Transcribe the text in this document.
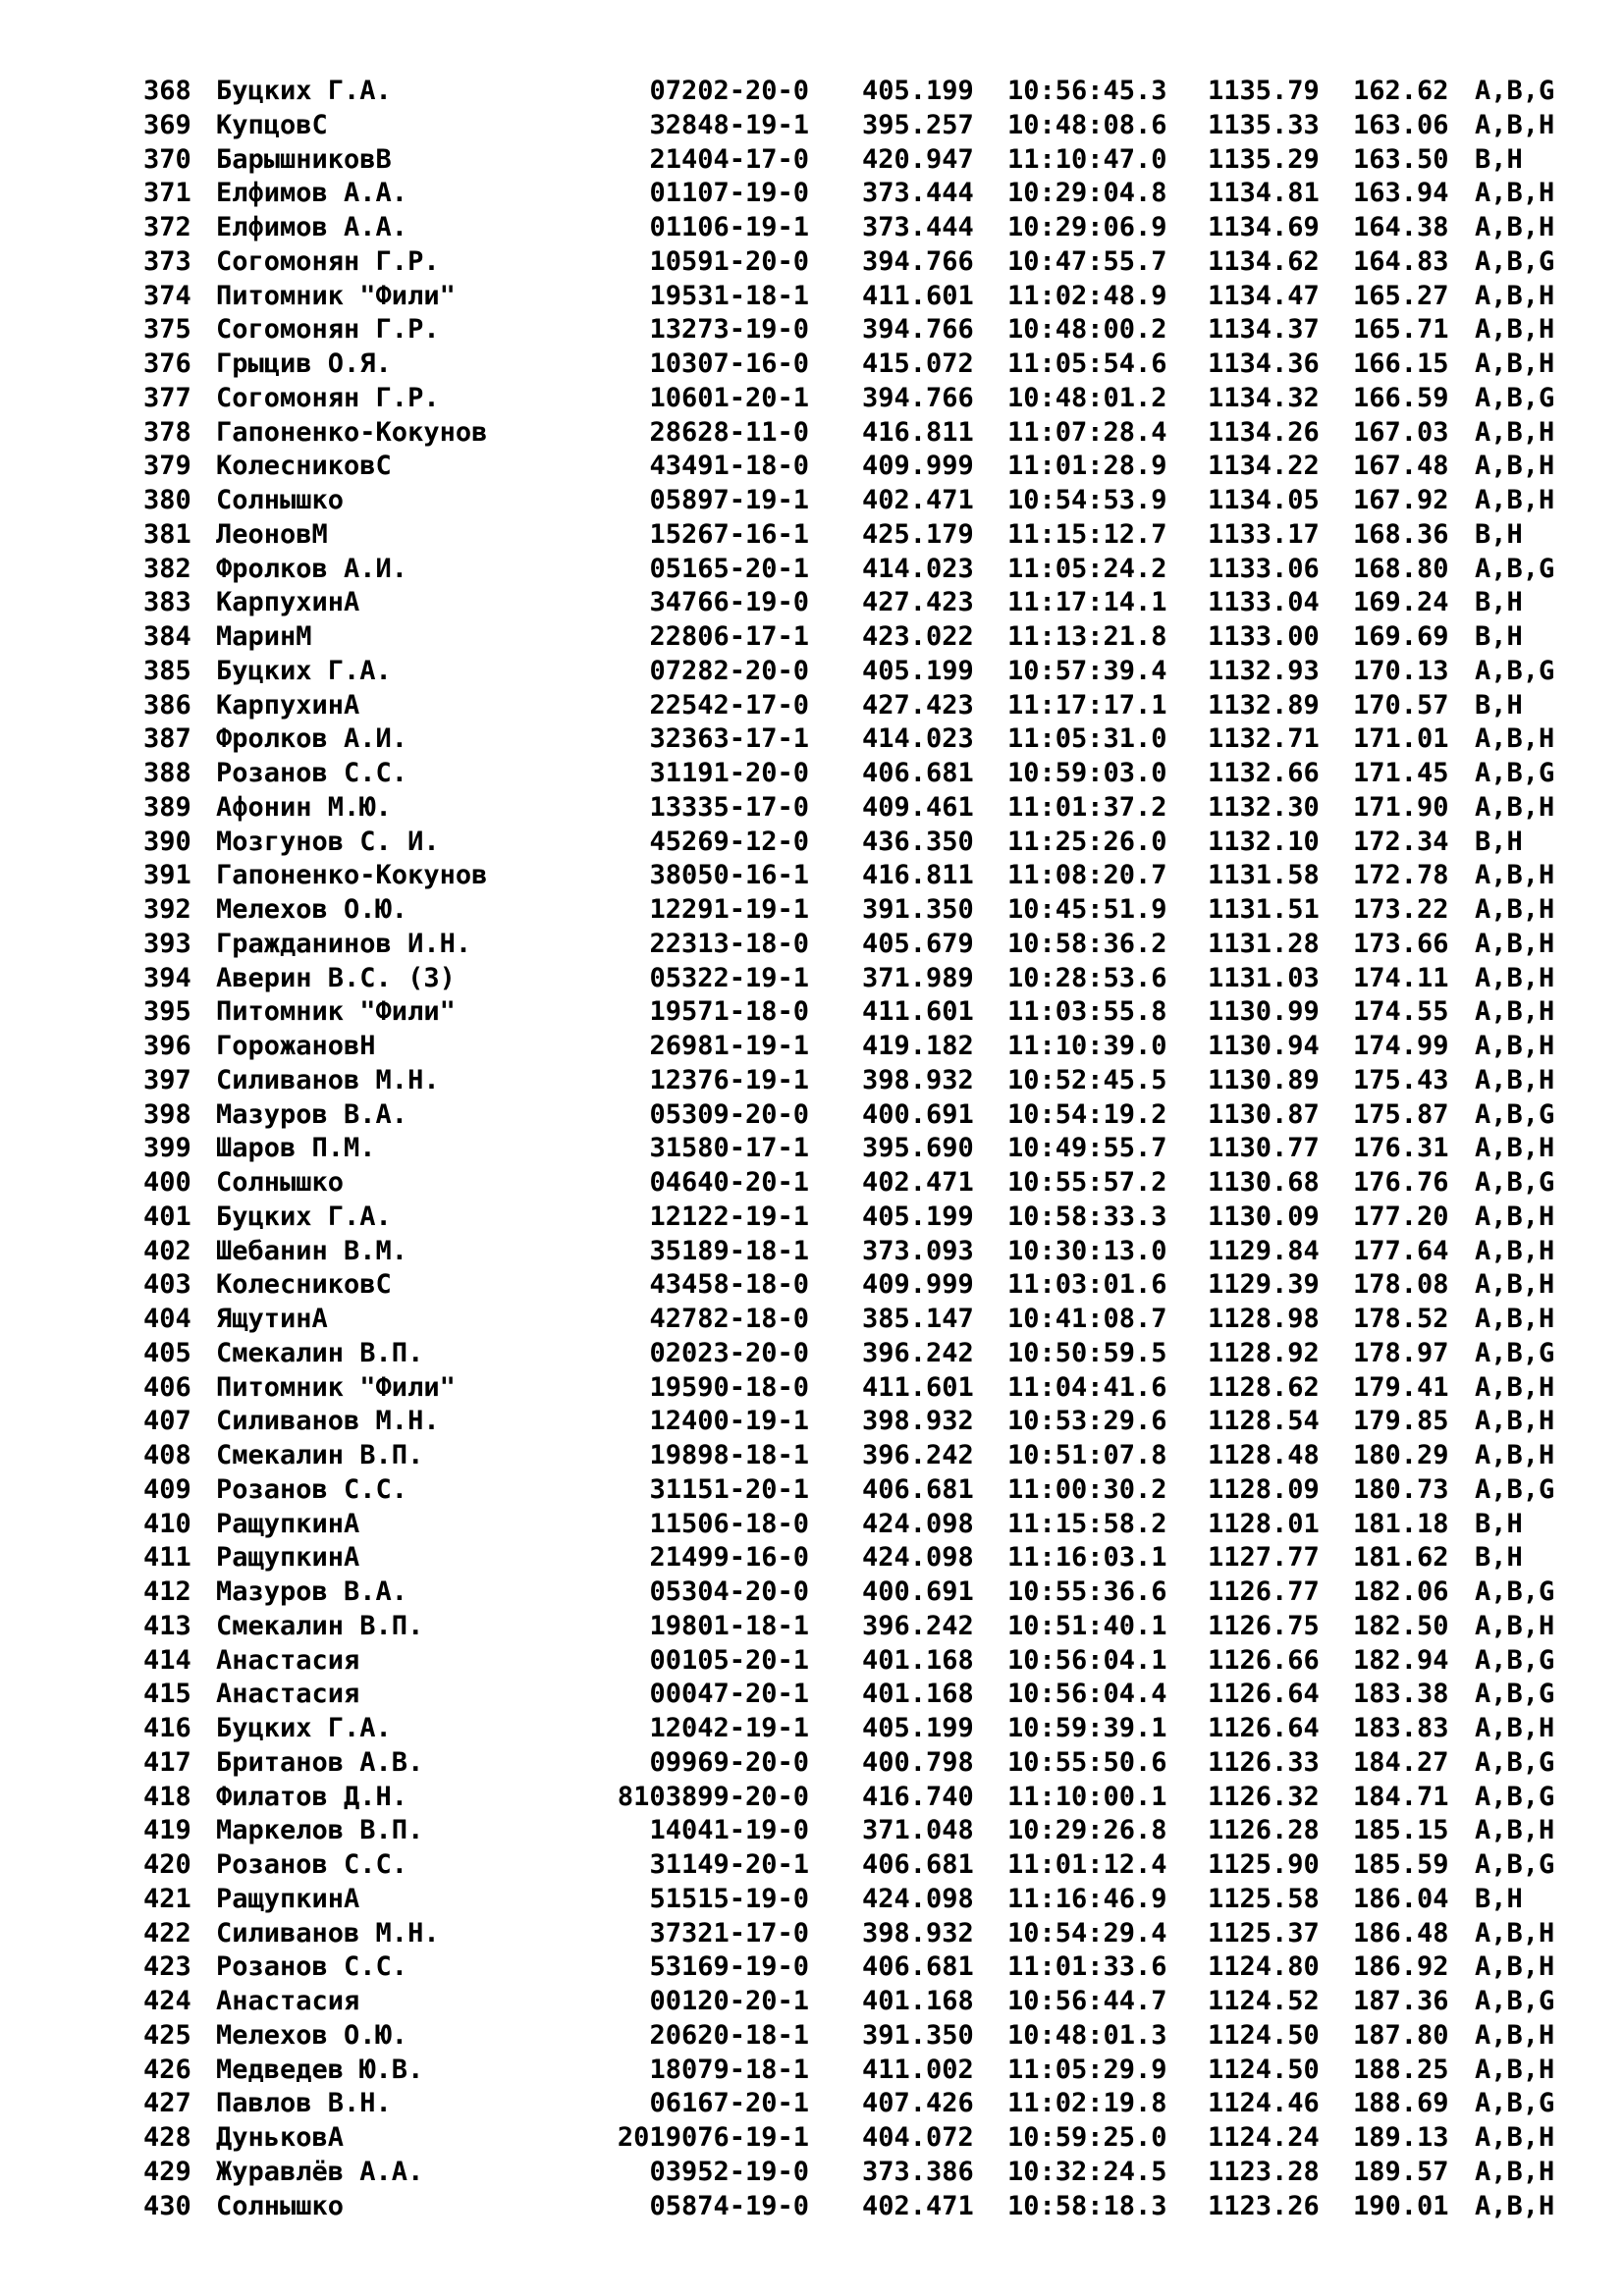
368	Буцких Г.А.	07202-20-0		405.199	10:56:45.3	1135.79	162.62	A,B,G
369	КупцовС	32848-19-1		395.257	10:48:08.6	1135.33	163.06	A,B,H
370	БарышниковВ	21404-17-0		420.947	11:10:47.0	1135.29	163.50	B,H
371	Елфимов А.А.	01107-19-0		373.444	10:29:04.8	1134.81	163.94	A,B,H
372	Елфимов А.А.	01106-19-1		373.444	10:29:06.9	1134.69	164.38	A,B,H
373	Согомонян Г.Р.	10591-20-0		394.766	10:47:55.7	1134.62	164.83	A,B,G
374	Питомник "Фили"	19531-18-1		411.601	11:02:48.9	1134.47	165.27	A,B,H
375	Согомонян Г.Р.	13273-19-0		394.766	10:48:00.2	1134.37	165.71	A,B,H
376	Грыцив О.Я.	10307-16-0		415.072	11:05:54.6	1134.36	166.15	A,B,H
377	Согомонян Г.Р.	10601-20-1		394.766	10:48:01.2	1134.32	166.59	A,B,G
378	Гапоненко-Кокунов	28628-11-0		416.811	11:07:28.4	1134.26	167.03	A,B,H
379	КолесниковС	43491-18-0		409.999	11:01:28.9	1134.22	167.48	A,B,H
380	Солнышко	05897-19-1		402.471	10:54:53.9	1134.05	167.92	A,B,H
381	ЛеоновМ	15267-16-1		425.179	11:15:12.7	1133.17	168.36	B,H
382	Фролков А.И.	05165-20-1		414.023	11:05:24.2	1133.06	168.80	A,B,G
383	КарпухинА	34766-19-0		427.423	11:17:14.1	1133.04	169.24	B,H
384	МаринМ	22806-17-1		423.022	11:13:21.8	1133.00	169.69	B,H
385	Буцких Г.А.	07282-20-0		405.199	10:57:39.4	1132.93	170.13	A,B,G
386	КарпухинА	22542-17-0		427.423	11:17:17.1	1132.89	170.57	B,H
387	Фролков А.И.	32363-17-1		414.023	11:05:31.0	1132.71	171.01	A,B,H
388	Розанов С.С.	31191-20-0		406.681	10:59:03.0	1132.66	171.45	A,B,G
389	Афонин М.Ю.	13335-17-0		409.461	11:01:37.2	1132.30	171.90	A,B,H
390	Мозгунов С. И.	45269-12-0		436.350	11:25:26.0	1132.10	172.34	B,H
391	Гапоненко-Кокунов	38050-16-1		416.811	11:08:20.7	1131.58	172.78	A,B,H
392	Мелехов О.Ю.	12291-19-1		391.350	10:45:51.9	1131.51	173.22	A,B,H
393	Гражданинов И.Н.	22313-18-0		405.679	10:58:36.2	1131.28	173.66	A,B,H
394	Аверин В.С. (З)	05322-19-1		371.989	10:28:53.6	1131.03	174.11	A,B,H
395	Питомник "Фили"	19571-18-0		411.601	11:03:55.8	1130.99	174.55	A,B,H
396	ГорожановН	26981-19-1		419.182	11:10:39.0	1130.94	174.99	A,B,H
397	Силиванов М.Н.	12376-19-1		398.932	10:52:45.5	1130.89	175.43	A,B,H
398	Мазуров В.А.	05309-20-0		400.691	10:54:19.2	1130.87	175.87	A,B,G
399	Шаров П.М.	31580-17-1		395.690	10:49:55.7	1130.77	176.31	A,B,H
400	Солнышко	04640-20-1		402.471	10:55:57.2	1130.68	176.76	A,B,G
401	Буцких Г.А.	12122-19-1		405.199	10:58:33.3	1130.09	177.20	A,B,H
402	Шебанин В.М.	35189-18-1		373.093	10:30:13.0	1129.84	177.64	A,B,H
403	КолесниковС	43458-18-0		409.999	11:03:01.6	1129.39	178.08	A,B,H
404	ЯщутинА	42782-18-0		385.147	10:41:08.7	1128.98	178.52	A,B,H
405	Смекалин В.П.	02023-20-0		396.242	10:50:59.5	1128.92	178.97	A,B,G
406	Питомник "Фили"	19590-18-0		411.601	11:04:41.6	1128.62	179.41	A,B,H
407	Силиванов М.Н.	12400-19-1		398.932	10:53:29.6	1128.54	179.85	A,B,H
408	Смекалин В.П.	19898-18-1		396.242	10:51:07.8	1128.48	180.29	A,B,H
409	Розанов С.С.	31151-20-1		406.681	11:00:30.2	1128.09	180.73	A,B,G
410	РащупкинА	11506-18-0		424.098	11:15:58.2	1128.01	181.18	B,H
411	РащупкинА	21499-16-0		424.098	11:16:03.1	1127.77	181.62	B,H
412	Мазуров В.А.	05304-20-0		400.691	10:55:36.6	1126.77	182.06	A,B,G
413	Смекалин В.П.	19801-18-1		396.242	10:51:40.1	1126.75	182.50	A,B,H
414	Анастасия	00105-20-1		401.168	10:56:04.1	1126.66	182.94	A,B,G
415	Анастасия	00047-20-1		401.168	10:56:04.4	1126.64	183.38	A,B,G
416	Буцких Г.А.	12042-19-1		405.199	10:59:39.1	1126.64	183.83	A,B,H
417	Британов А.В.	09969-20-0		400.798	10:55:50.6	1126.33	184.27	A,B,G
418	Филатов Д.Н.	8103899-20-0		416.740	11:10:00.1	1126.32	184.71	A,B,G
419	Маркелов В.П.	14041-19-0		371.048	10:29:26.8	1126.28	185.15	A,B,H
420	Розанов С.С.	31149-20-1		406.681	11:01:12.4	1125.90	185.59	A,B,G
421	РащупкинА	51515-19-0		424.098	11:16:46.9	1125.58	186.04	B,H
422	Силиванов М.Н.	37321-17-0		398.932	10:54:29.4	1125.37	186.48	A,B,H
423	Розанов С.С.	53169-19-0		406.681	11:01:33.6	1124.80	186.92	A,B,H
424	Анастасия	00120-20-1		401.168	10:56:44.7	1124.52	187.36	A,B,G
425	Мелехов О.Ю.	20620-18-1		391.350	10:48:01.3	1124.50	187.80	A,B,H
426	Медведев Ю.В.	18079-18-1		411.002	11:05:29.9	1124.50	188.25	A,B,H
427	Павлов В.Н.	06167-20-1		407.426	11:02:19.8	1124.46	188.69	A,B,G
428	ДуньковА	2019076-19-1		404.072	10:59:25.0	1124.24	189.13	A,B,H
429	Журавлёв А.А.	03952-19-0		373.386	10:32:24.5	1123.28	189.57	A,B,H
430	Солнышко	05874-19-0		402.471	10:58:18.3	1123.26	190.01	A,B,H
